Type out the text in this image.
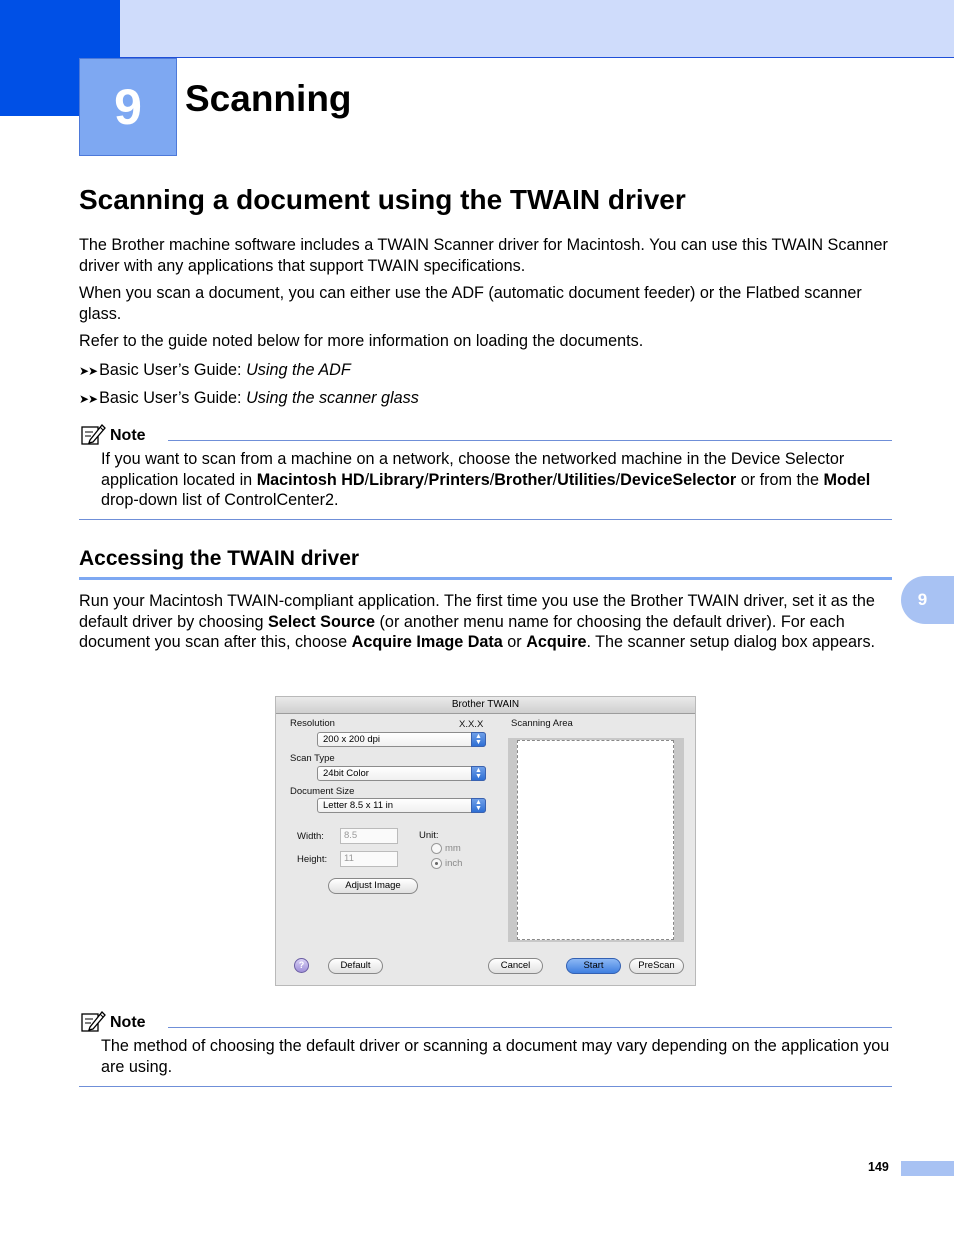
9 Scanning
Scanning a document using the TWAIN driver
The Brother machine software includes a TWAIN Scanner driver for Macintosh. You can use this TWAIN Scanner driver with any applications that support TWAIN specifications.
When you scan a document, you can either use the ADF (automatic document feeder) or the Flatbed scanner glass.
Refer to the guide noted below for more information on loading the documents.
➤➤ Basic User’s Guide: Using the ADF
➤➤ Basic User’s Guide: Using the scanner glass
Note
If you want to scan from a machine on a network, choose the networked machine in the Device Selector application located in Macintosh HD/Library/Printers/Brother/Utilities/DeviceSelector or from the Model drop-down list of ControlCenter2.
Accessing the TWAIN driver
9
Run your Macintosh TWAIN-compliant application. The first time you use the Brother TWAIN driver, set it as the default driver by choosing Select Source (or another menu name for choosing the default driver). For each document you scan after this, choose Acquire Image Data or Acquire. The scanner setup dialog box appears.
Brother TWAIN
Resolution	X.X.X
200 x 200 dpi	▲
▼
Scan Type
24bit Color	▲
▼
Document Size
Letter 8.5 x 11 in	▲
▼
Width:	8.5
Height:	11
Unit:
mm
inch
Adjust Image
Scanning Area
?	Default	Cancel	Start	PreScan
Note
The method of choosing the default driver or scanning a document may vary depending on the application you are using.
149
